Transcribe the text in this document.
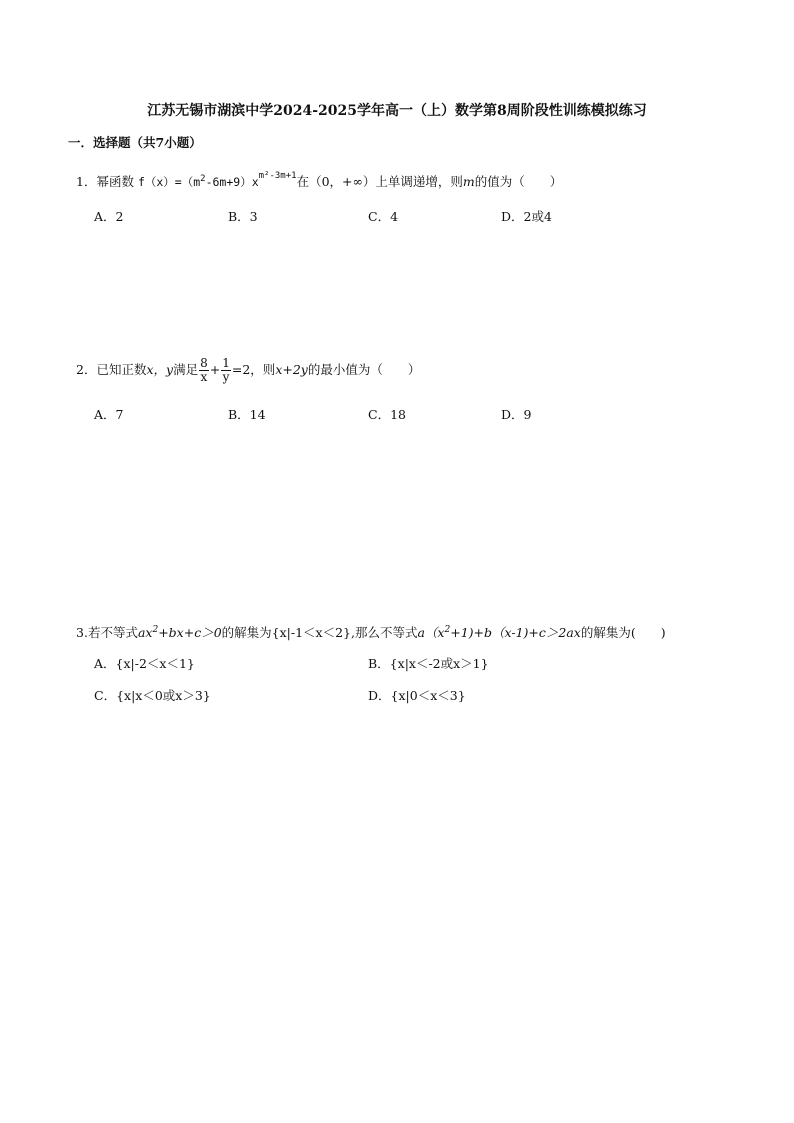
江苏无锡市湖滨中学2024-2025学年高一（上）数学第8周阶段性训练模拟练习
一．选择题（共7小题）
1．幂函数 $f(x)=(m^2-6m+9)x^{m^2-3m+1}$在（0，+∞）上单调递增，则m的值为（　　）
A．2	B．3	C．4	D．2或4
2．已知正数x，y满足 $\frac{8}{x} + \frac{1}{y} =2$，则x+2y的最小值为（　　）
A．7	B．14	C．18	D．9
3.若不等式$ax^2+bx+c>0$的解集为{x|-1＜x＜2},那么不等式$a(x^2+1)+b(x-1)+c>2ax$的解集为(　　)
A．{x|-2＜x＜1}	B．{x|x＜-2或x＞1}
C．{x|x＜0或x＞3}	D．{x|0＜x＜3}
